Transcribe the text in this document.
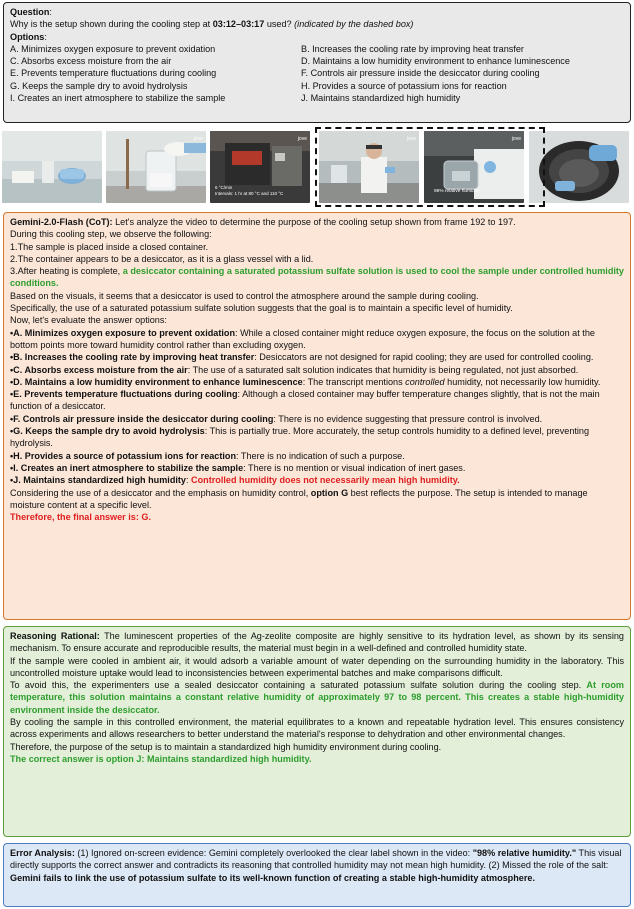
Question:

Why is the setup shown during the cooling step at 03:12–03:17 used? (indicated by the dashed box)

Options:

A. Minimizes oxygen exposure to prevent oxidation	B. Increases the cooling rate by improving heat transfer
C. Absorbs excess moisture from the air	D. Maintains a low humidity environment to enhance luminescence
E. Prevents temperature fluctuations during cooling	F. Controls air pressure inside the desiccator during cooling
G. Keeps the sample dry to avoid hydrolysis	H. Provides a source of potassium ions for reaction
I. Creates an inert atmosphere to stabilize the sample	J. Maintains standardized high humidity
jove	jove
6 °C/min
Intervals: 1 hr at 80 °C and 110 °C
jove	jove
98% relative humidity

Gemini-2.0-Flash (CoT): Let's analyze the video to determine the purpose of the cooling setup shown from frame 192 to 197.

During this cooling step, we observe the following:

1.The sample is placed inside a closed container.

2.The container appears to be a desiccator, as it is a glass vessel with a lid.

3.After heating is complete, a desiccator containing a saturated potassium sulfate solution is used to cool the sample under controlled humidity conditions.

Based on the visuals, it seems that a desiccator is used to control the atmosphere around the sample during cooling.

Specifically, the use of a saturated potassium sulfate solution suggests that the goal is to maintain a specific level of humidity.

Now, let's evaluate the answer options:

•A. Minimizes oxygen exposure to prevent oxidation: While a closed container might reduce oxygen exposure, the focus on the solution at the bottom points more toward humidity control rather than excluding oxygen.

•B. Increases the cooling rate by improving heat transfer: Desiccators are not designed for rapid cooling; they are used for controlled cooling.

•C. Absorbs excess moisture from the air: The use of a saturated salt solution indicates that humidity is being regulated, not just absorbed.

•D. Maintains a low humidity environment to enhance luminescence: The transcript mentions controlled humidity, not necessarily low humidity.

•E. Prevents temperature fluctuations during cooling: Although a closed container may buffer temperature changes slightly, that is not the main function of a desiccator.

•F. Controls air pressure inside the desiccator during cooling: There is no evidence suggesting that pressure control is involved.

•G. Keeps the sample dry to avoid hydrolysis: This is partially true. More accurately, the setup controls humidity to a defined level, preventing hydrolysis.

•H. Provides a source of potassium ions for reaction: There is no indication of such a purpose.

•I. Creates an inert atmosphere to stabilize the sample: There is no mention or visual indication of inert gases.

•J. Maintains standardized high humidity: Controlled humidity does not necessarily mean high humidity.

Considering the use of a desiccator and the emphasis on humidity control, option G best reflects the purpose. The setup is intended to manage moisture content at a specific level.

Therefore, the final answer is: G.

Reasoning Rational: The luminescent properties of the Ag-zeolite composite are highly sensitive to its hydration level, as shown by its sensing mechanism. To ensure accurate and reproducible results, the material must begin in a well-defined and controlled humidity state.

If the sample were cooled in ambient air, it would adsorb a variable amount of water depending on the surrounding humidity in the laboratory. This uncontrolled moisture uptake would lead to inconsistencies between experimental batches and make comparisons difficult.

To avoid this, the experimenters use a sealed desiccator containing a saturated potassium sulfate solution during the cooling step. At room temperature, this solution maintains a constant relative humidity of approximately 97 to 98 percent. This creates a stable high-humidity environment inside the desiccator.

By cooling the sample in this controlled environment, the material equilibrates to a known and repeatable hydration level. This ensures consistency across experiments and allows researchers to better understand the material's response to dehydration and other environmental changes.

Therefore, the purpose of the setup is to maintain a standardized high humidity environment during cooling.

The correct answer is option J: Maintains standardized high humidity.

Error Analysis: (1) Ignored on-screen evidence: Gemini completely overlooked the clear label shown in the video: "98% relative humidity." This visual directly supports the correct answer and contradicts its reasoning that controlled humidity may not mean high humidity. (2) Missed the role of the salt: Gemini fails to link the use of potassium sulfate to its well-known function of creating a stable high-humidity atmosphere.
